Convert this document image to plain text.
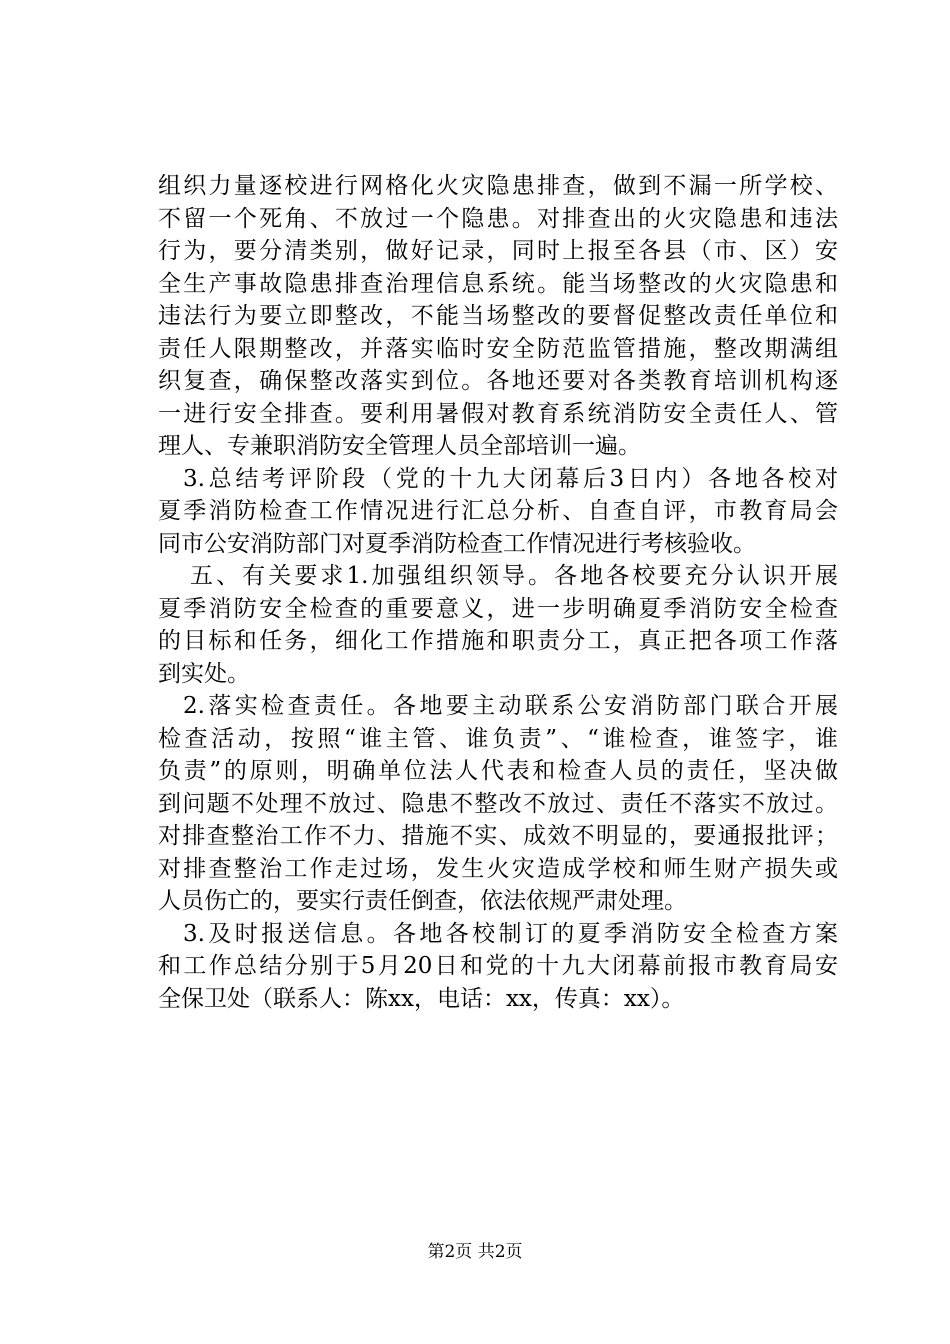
组织力量逐校进行网格化火灾隐患排查，做到不漏一所学校、
不留一个死角、不放过一个隐患。对排查出的火灾隐患和违法
行为，要分清类别，做好记录，同时上报至各县（市、区）安
全生产事故隐患排查治理信息系统。能当场整改的火灾隐患和
违法行为要立即整改，不能当场整改的要督促整改责任单位和
责任人限期整改，并落实临时安全防范监管措施，整改期满组
织复查，确保整改落实到位。各地还要对各类教育培训机构逐
一进行安全排查。要利用暑假对教育系统消防安全责任人、管
理人、专兼职消防安全管理人员全部培训一遍。
3.总结考评阶段（党的十九大闭幕后3日内）各地各校对
夏季消防检查工作情况进行汇总分析、自查自评，市教育局会
同市公安消防部门对夏季消防检查工作情况进行考核验收。
五、有关要求1.加强组织领导。各地各校要充分认识开展
夏季消防安全检查的重要意义，进一步明确夏季消防安全检查
的目标和任务，细化工作措施和职责分工，真正把各项工作落
到实处。
2.落实检查责任。各地要主动联系公安消防部门联合开展
检查活动，按照“谁主管、谁负责”、“谁检查，谁签字，谁
负责”的原则，明确单位法人代表和检查人员的责任，坚决做
到问题不处理不放过、隐患不整改不放过、责任不落实不放过。
对排查整治工作不力、措施不实、成效不明显的，要通报批评；
对排查整治工作走过场，发生火灾造成学校和师生财产损失或
人员伤亡的，要实行责任倒查，依法依规严肃处理。
3.及时报送信息。各地各校制订的夏季消防安全检查方案
和工作总结分别于5月20日和党的十九大闭幕前报市教育局安
全保卫处（联系人：陈xx，电话：xx，传真：xx）。
第2页 共2页
